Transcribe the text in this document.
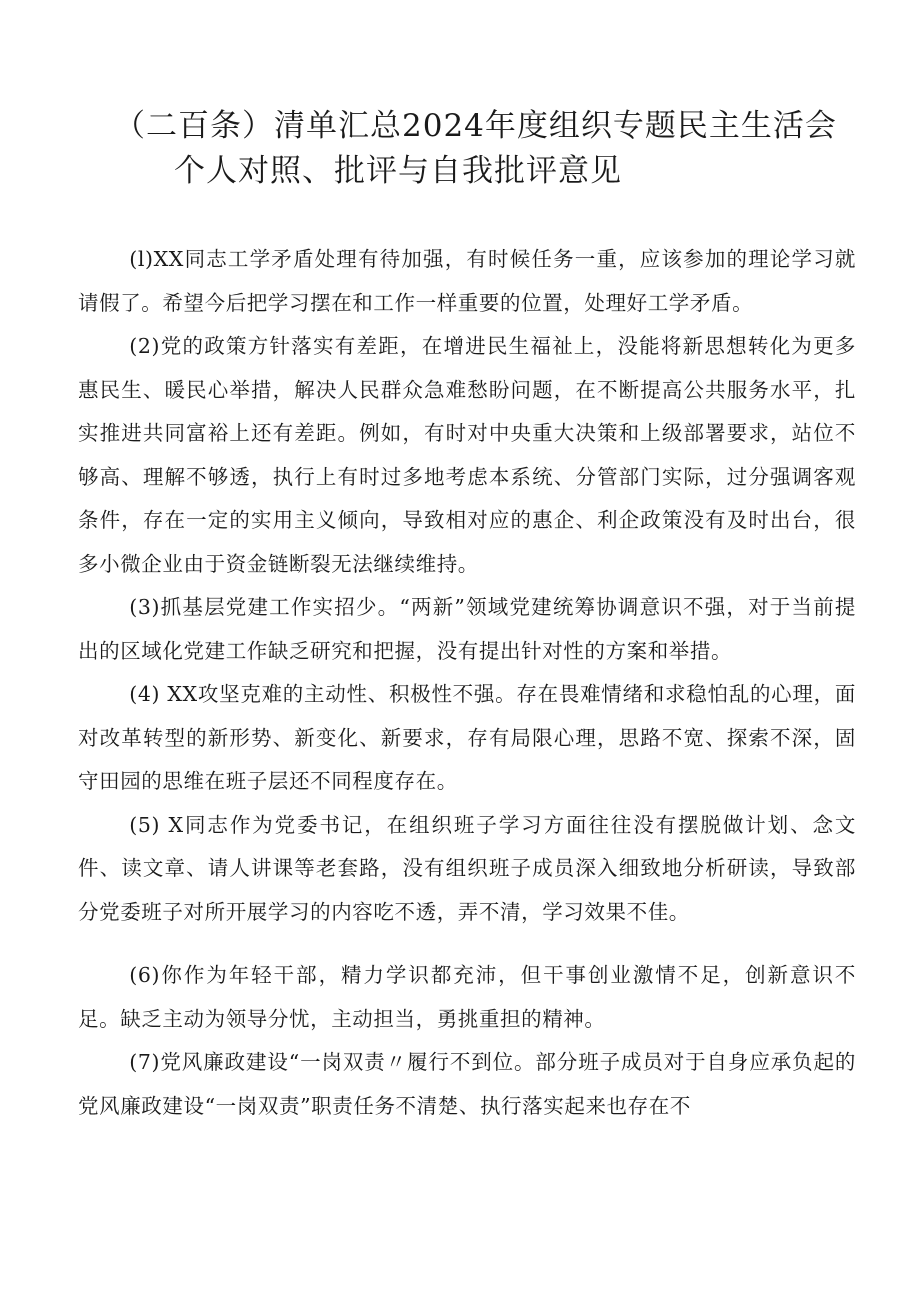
（二百条）清单汇总2024年度组织专题民主生活会
个人对照、批评与自我批评意见

(l)XX同志工学矛盾处理有待加强，有时候任务一重，应该参加的理论学习就请假了。希望今后把学习摆在和工作一样重要的位置，处理好工学矛盾。

(2)党的政策方针落实有差距，在增进民生福祉上，没能将新思想转化为更多惠民生、暖民心举措，解决人民群众急难愁盼问题，在不断提高公共服务水平，扎实推进共同富裕上还有差距。例如，有时对中央重大决策和上级部署要求，站位不够高、理解不够透，执行上有时过多地考虑本系统、分管部门实际，过分强调客观条件，存在一定的实用主义倾向，导致相对应的惠企、利企政策没有及时出台，很多小微企业由于资金链断裂无法继续维持。

(3)抓基层党建工作实招少。“两新”领域党建统筹协调意识不强，对于当前提出的区域化党建工作缺乏研究和把握，没有提出针对性的方案和举措。

(4) XX攻坚克难的主动性、积极性不强。存在畏难情绪和求稳怕乱的心理，面对改革转型的新形势、新变化、新要求，存有局限心理，思路不宽、探索不深，固守田园的思维在班子层还不同程度存在。

(5) X同志作为党委书记，在组织班子学习方面往往没有摆脱做计划、念文件、读文章、请人讲课等老套路，没有组织班子成员深入细致地分析研读，导致部分党委班子对所开展学习的内容吃不透，弄不清，学习效果不佳。

(6)你作为年轻干部，精力学识都充沛，但干事创业激情不足，创新意识不足。缺乏主动为领导分忧，主动担当，勇挑重担的精神。

(7)党风廉政建设“一岗双责〃履行不到位。部分班子成员对于自身应承负起的党风廉政建设“一岗双责”职责任务不清楚、执行落实起来也存在不
